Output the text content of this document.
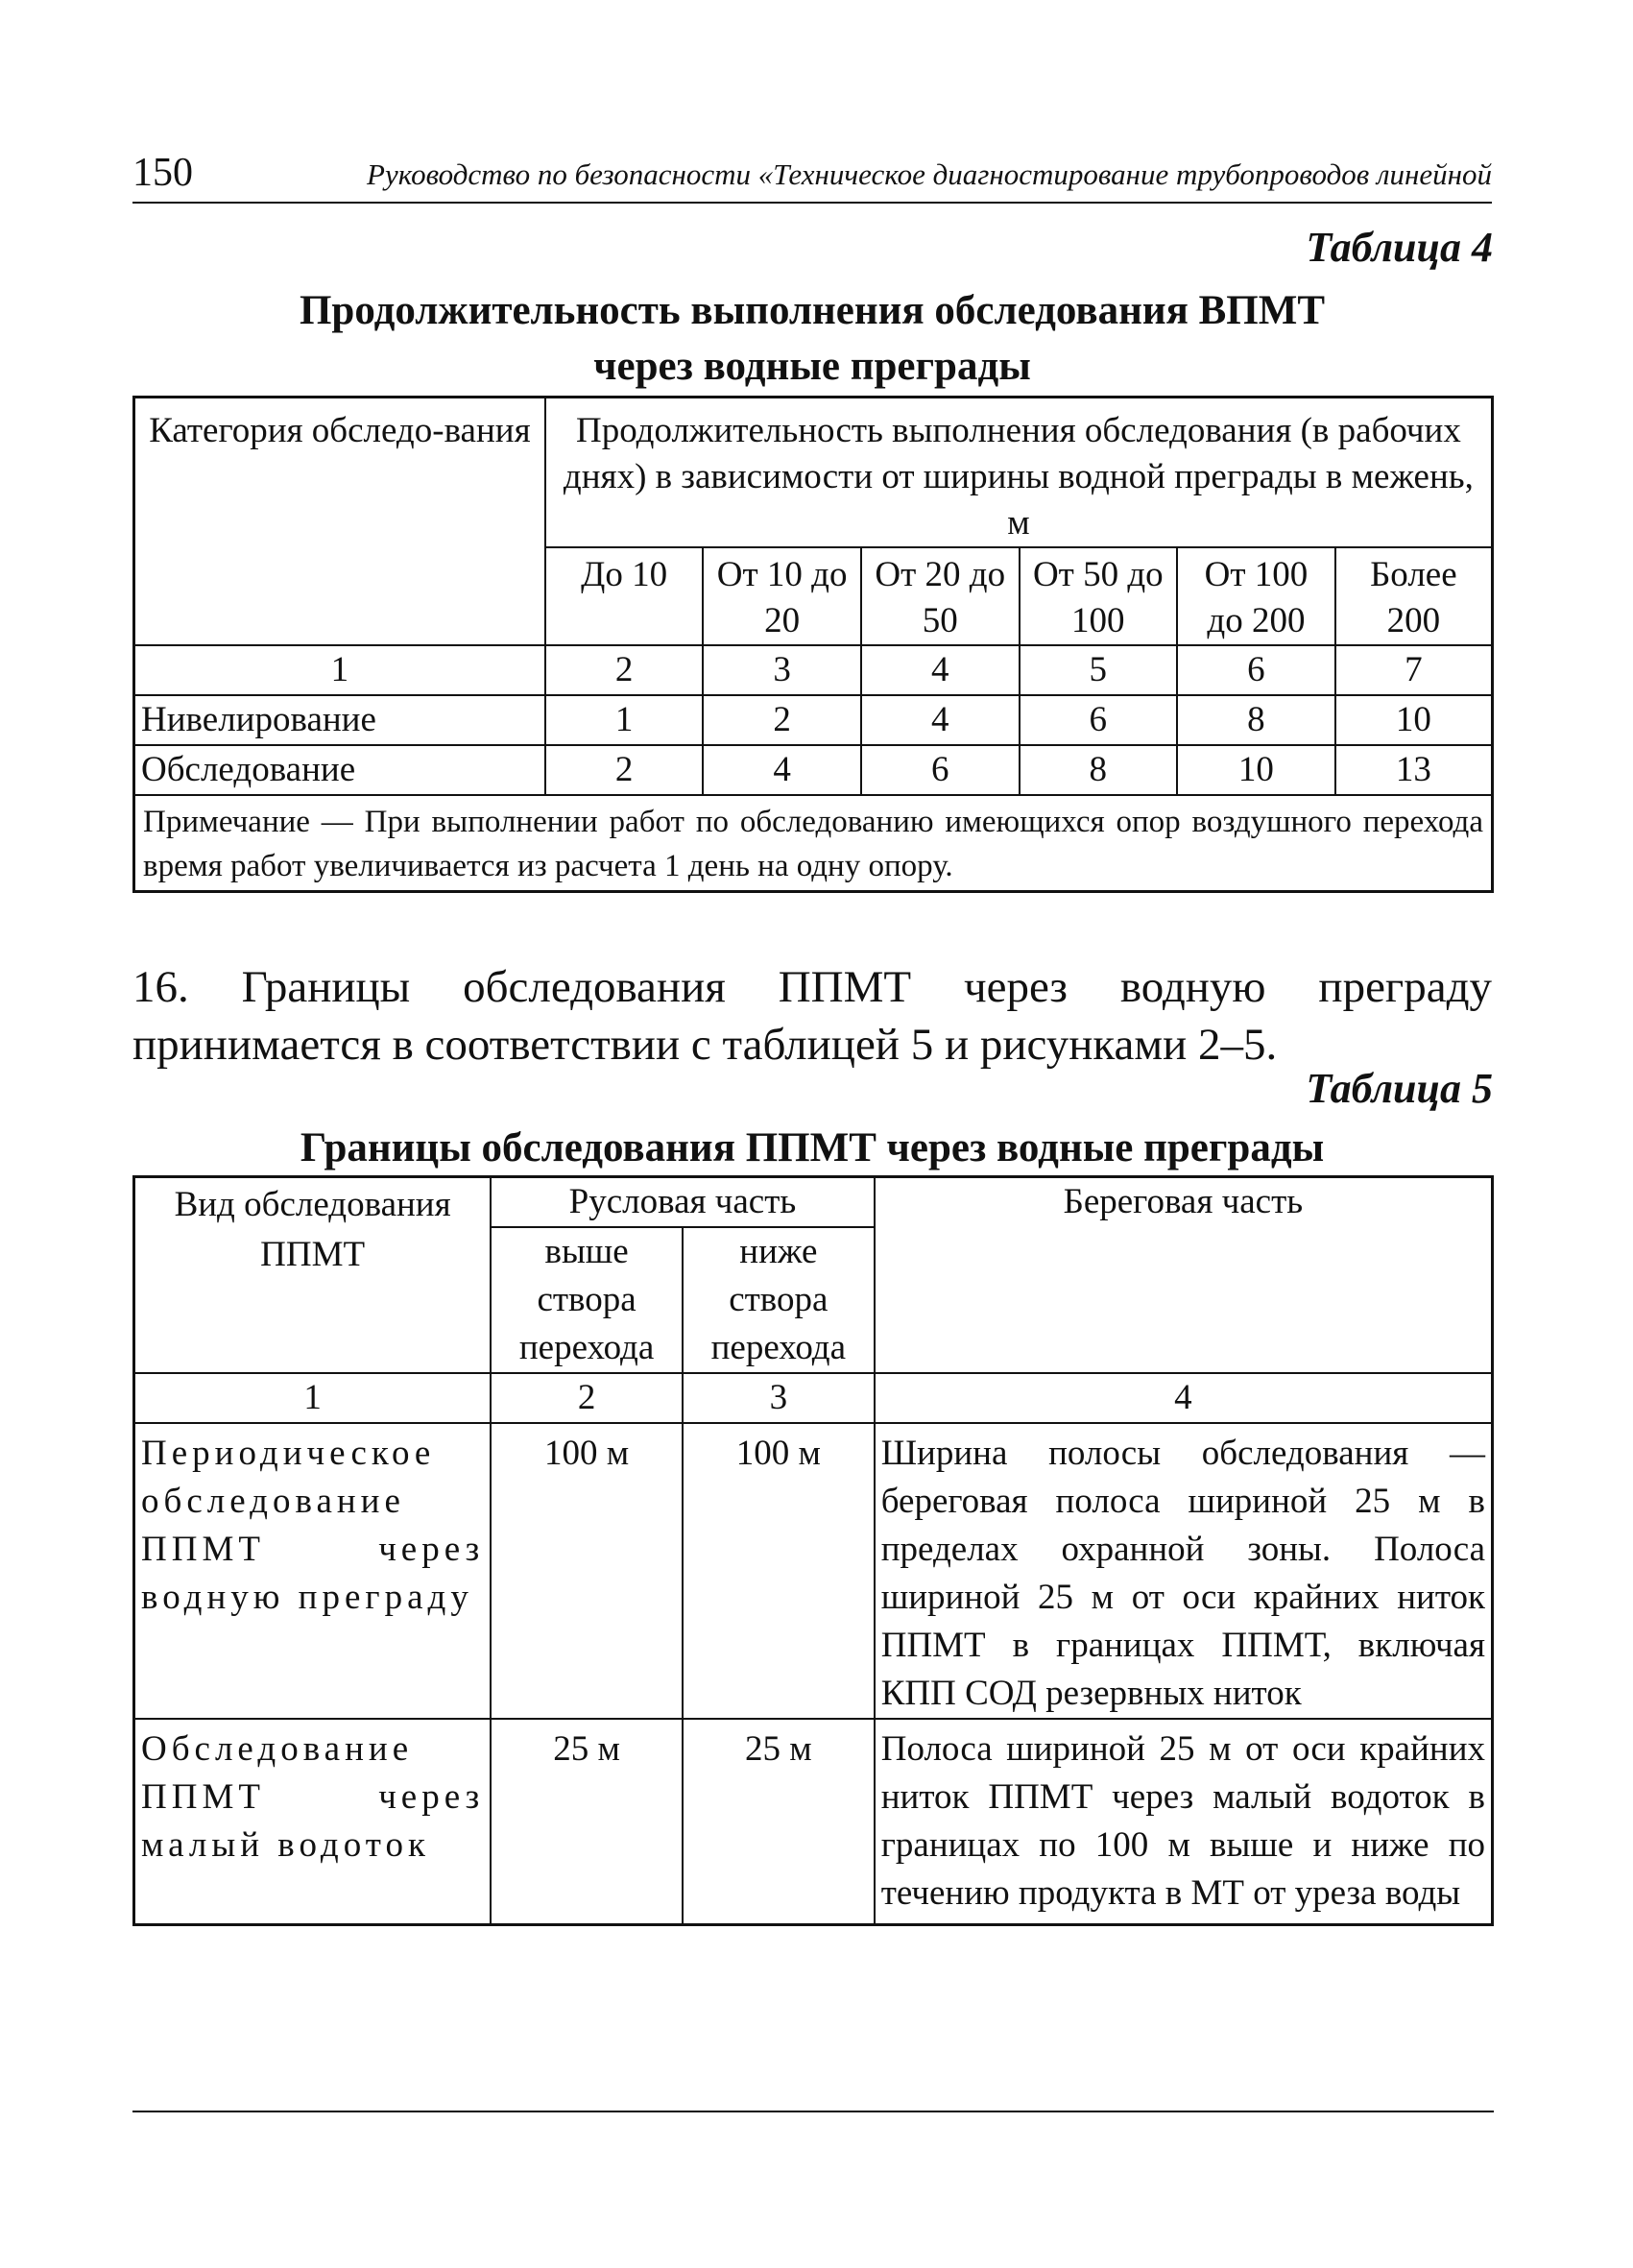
150	Руководство по безопасности «Техническое диагностирование трубопроводов линейной
Таблица 4
Продолжительность выполнения обследования ВПМТ
через водные преграды
Категория обследо-вания	Продолжительность выполнения обследования (в рабочих днях) в зависимости от ширины водной преграды в межень, м					
	До 10	От 10 до 20	От 20 до 50	От 50 до 100	От 100 до 200	Более 200
1	2	3	4	5	6	7
Нивелирование	1	2	4	6	8	10
Обследование	2	4	6	8	10	13
Примечание — При выполнении работ по обследованию имеющихся опор воздушного перехода время работ увеличивается из расчета 1 день на одну опору.						
16. Границы обследования ППМТ через водную преграду принимается в соответствии с таблицей 5 и рисунками 2–5.
Таблица 5
Границы обследования ППМТ через водные преграды
Вид обследования ППМТ	Русловая часть		Береговая часть
	выше створа перехода	ниже створа перехода	
1	2	3	4
Периодическое обследование ППМТ через водную преграду	100 м	100 м	Ширина полосы обследования — береговая полоса шириной 25 м в пределах охранной зоны. Полоса шириной 25 м от оси крайних ниток ППМТ в границах ППМТ, включая КПП СОД резервных ниток
Обследование ППМТ через малый водоток	25 м	25 м	Полоса шириной 25 м от оси крайних ниток ППМТ через малый водоток в границах по 100 м выше и ниже по течению продукта в МТ от уреза воды
